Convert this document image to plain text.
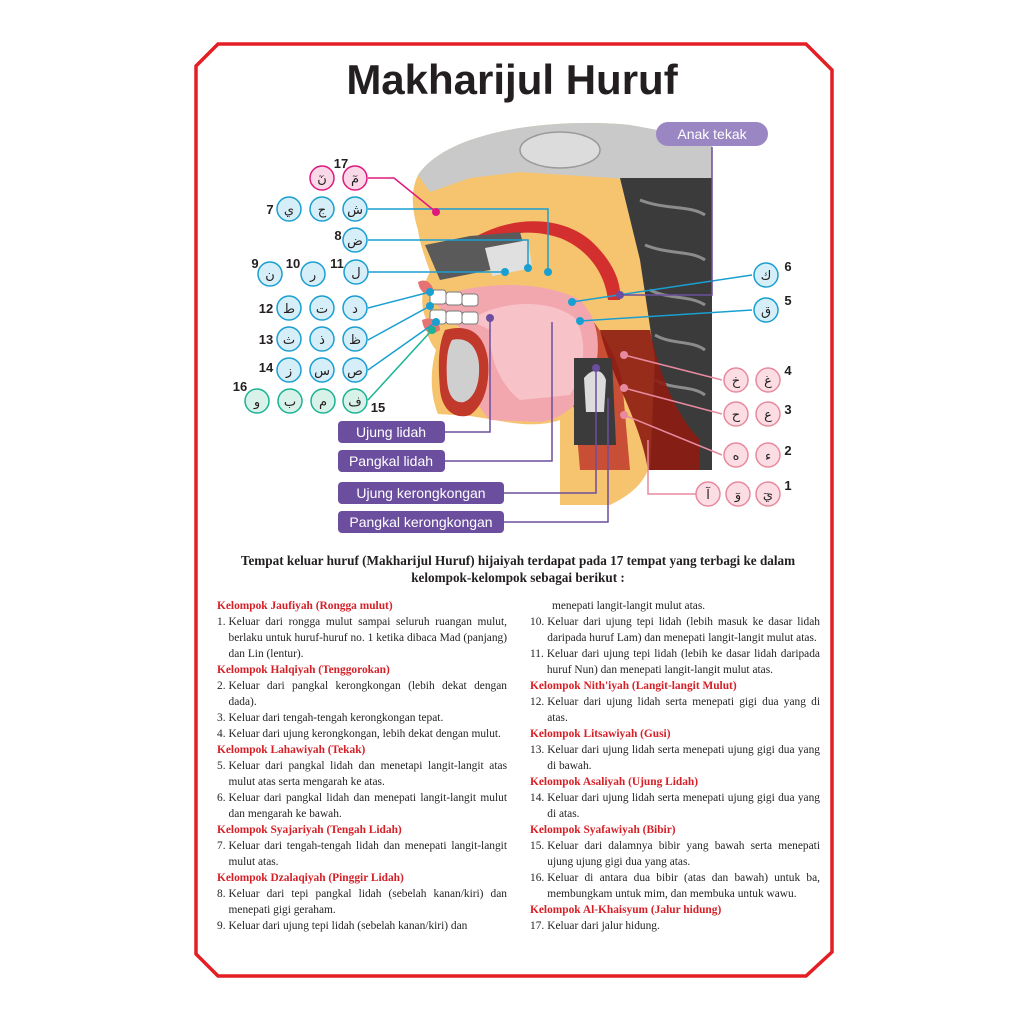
Makharijul Huruf
Anak tekak
Ujung lidah
Pangkal lidah
Ujung kerongkongan
Pangkal kerongkongan
مٓ
نٓ
17
ش
ج
ي
7
ض
8
ن
9
ر
10
ل
11
د
ت
ط
12
ظ
ذ
ث
13
ص
س
ز
14
ف 15
م
ب
و
16
ك
6
ق
5
غ
خ
4
ع
ح	3
ء
ه	2
يٓ
وٓ
آ
1
Tempat keluar huruf (Makharijul Huruf) hijaiyah terdapat pada 17 tempat yang terbagi ke dalam kelompok-kelompok sebagai berikut :
Kelompok Jaufiyah (Rongga mulut)
1. Keluar dari rongga mulut sampai seluruh ruangan mulut, berlaku untuk huruf-huruf no. 1 ketika dibaca Mad (panjang) dan Lin (lentur).
Kelompok Halqiyah (Tenggorokan)
2. Keluar dari pangkal kerongkongan (lebih dekat dengan dada).
3. Keluar dari tengah-tengah kerongkongan tepat.
4. Keluar dari ujung kerongkongan, lebih dekat dengan mulut.
Kelompok Lahawiyah (Tekak)
5. Keluar dari pangkal lidah dan menetapi langit-langit atas mulut atas serta mengarah ke atas.
6. Keluar dari pangkal lidah dan menepati langit-langit mulut dan mengarah ke bawah.
Kelompok Syajariyah (Tengah Lidah)
7. Keluar dari tengah-tengah lidah dan menepati langit-langit mulut atas.
Kelompok Dzalaqiyah (Pinggir Lidah)
8. Keluar dari tepi pangkal lidah (sebelah kanan/kiri) dan menepati gigi geraham.
9. Keluar dari ujung tepi lidah (sebelah kanan/kiri) dan
menepati langit-langit mulut atas.
10. Keluar dari ujung tepi lidah (lebih masuk ke dasar lidah daripada huruf Lam) dan menepati langit-langit mulut atas.
11. Keluar dari ujung tepi lidah (lebih ke dasar lidah daripada huruf Nun) dan menepati langit-langit mulut atas.
Kelompok Nith'iyah (Langit-langit Mulut)
12. Keluar dari ujung lidah serta menepati gigi dua yang di atas.
Kelompok Litsawiyah (Gusi)
13. Keluar dari ujung lidah serta menepati ujung gigi dua yang di bawah.
Kelompok Asaliyah (Ujung Lidah)
14. Keluar dari ujung lidah serta menepati ujung gigi dua yang di atas.
Kelompok Syafawiyah (Bibir)
15. Keluar dari dalamnya bibir yang bawah serta menepati ujung ujung gigi dua yang atas.
16. Keluar di antara dua bibir (atas dan bawah) untuk ba, membungkam untuk mim, dan membuka untuk wawu.
Kelompok Al-Khaisyum (Jalur hidung)
17. Keluar dari jalur hidung.
